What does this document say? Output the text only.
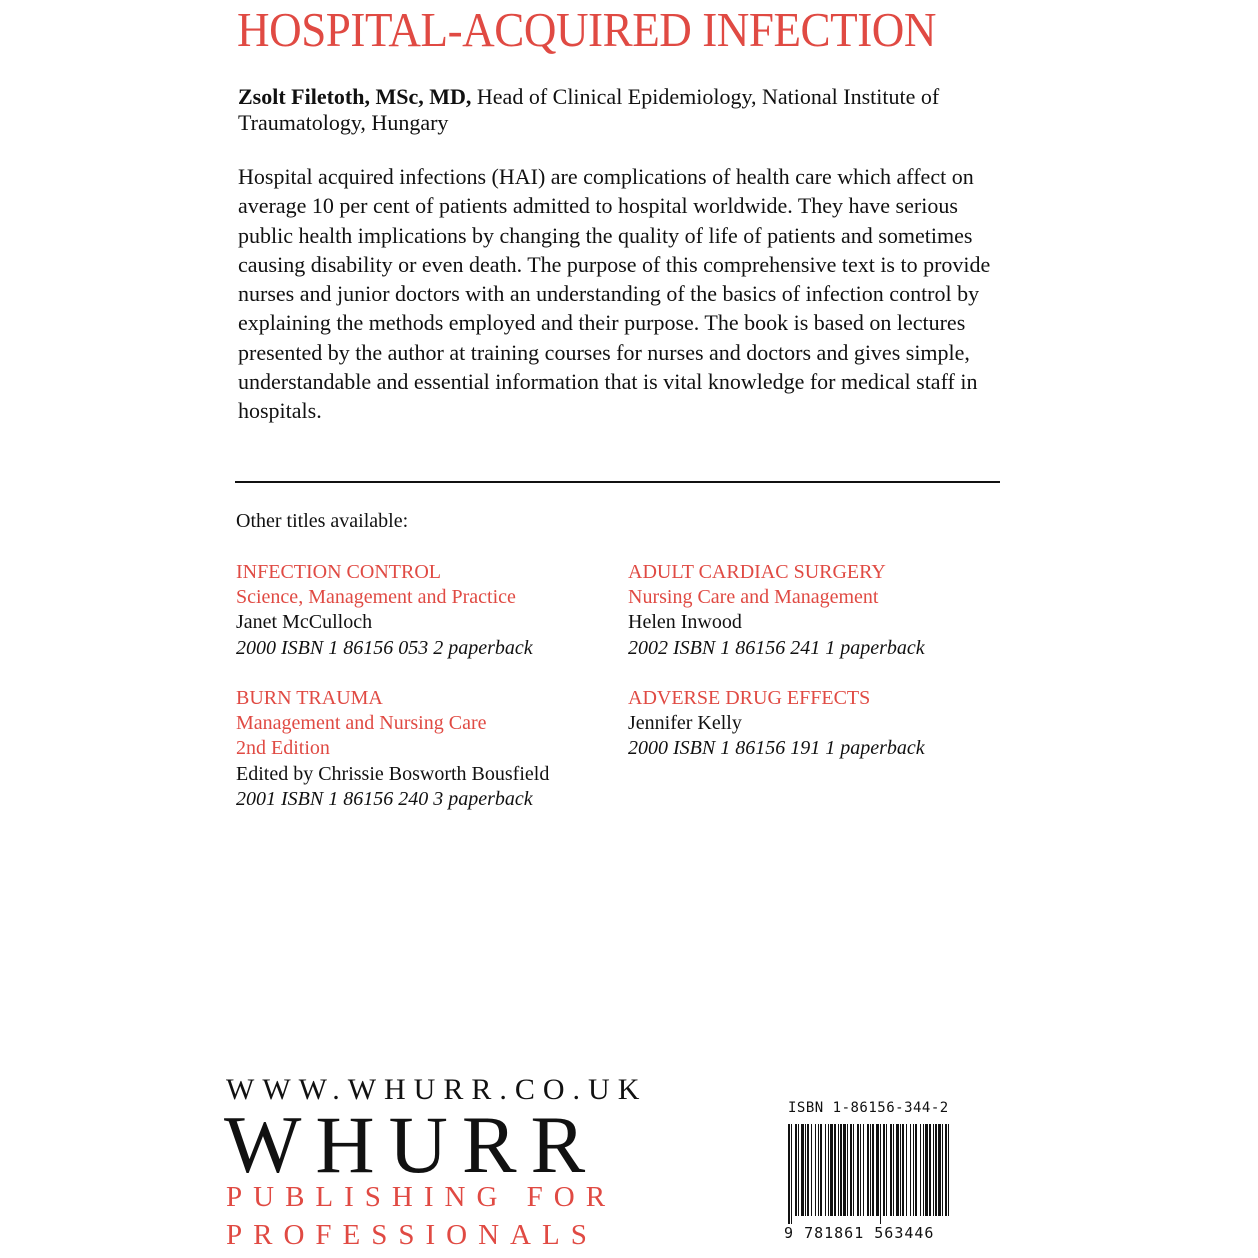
HOSPITAL-ACQUIRED INFECTION
Zsolt Filetoth, MSc, MD, Head of Clinical Epidemiology, National Institute of Traumatology, Hungary
Hospital acquired infections (HAI) are complications of health care which affect on average 10 per cent of patients admitted to hospital worldwide. They have serious public health implications by changing the quality of life of patients and sometimes causing disability or even death. The purpose of this comprehensive text is to provide nurses and junior doctors with an understanding of the basics of infection control by explaining the methods employed and their purpose. The book is based on lectures presented by the author at training courses for nurses and doctors and gives simple, understandable and essential information that is vital knowledge for medical staff in hospitals.
Other titles available:
INFECTION CONTROL
Science, Management and Practice
Janet McCulloch
2000 ISBN 1 86156 053 2 paperback
ADULT CARDIAC SURGERY
Nursing Care and Management
Helen Inwood
2002 ISBN 1 86156 241 1 paperback
BURN TRAUMA
Management and Nursing Care
2nd Edition
Edited by Chrissie Bosworth Bousfield
2001 ISBN 1 86156 240 3 paperback
ADVERSE DRUG EFFECTS
Jennifer Kelly
2000 ISBN 1 86156 191 1 paperback
WWW.WHURR.CO.UK
WHURR
PUBLISHING FOR
PROFESSIONALS
ISBN 1-86156-344-2
9 781861 563446
